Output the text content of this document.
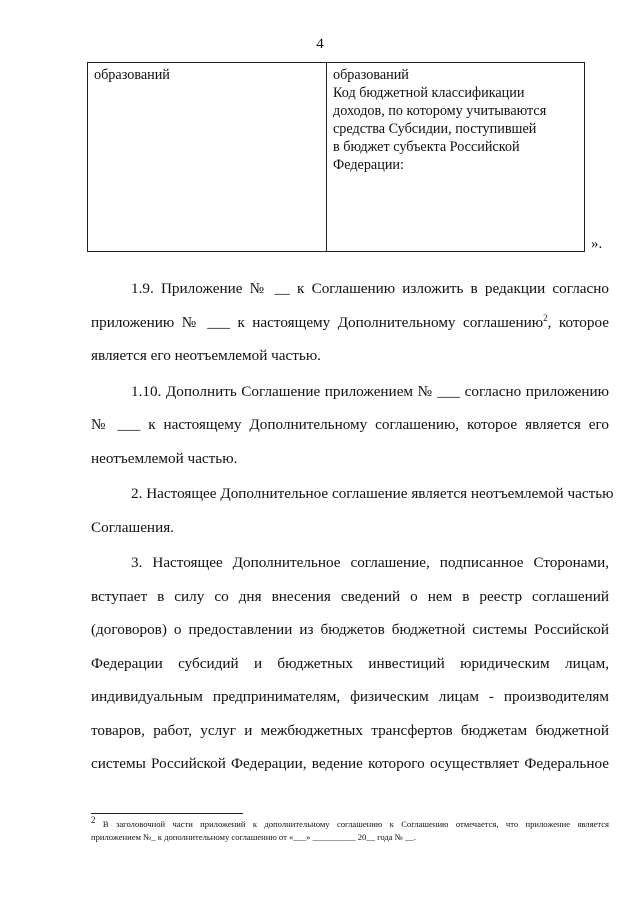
4
образований	образований
Код бюджетной классификации
доходов, по которому учитываются
средства Субсидии, поступившей
в бюджет субъекта Российской
Федерации:
».
1.9. Приложение № __ к Соглашению изложить в редакции согласно
приложению № ___ к настоящему Дополнительному соглашению$^2$, которое
является его неотъемлемой частью.
1.10. Дополнить Соглашение приложением № ___ согласно приложению
№ ___ к настоящему Дополнительному соглашению, которое является его
неотъемлемой частью.
2. Настоящее Дополнительное соглашение является неотъемлемой частью
Соглашения.
3. Настоящее Дополнительное соглашение, подписанное Сторонами,
вступает в силу со дня внесения сведений о нем в реестр соглашений
(договоров) о предоставлении из бюджетов бюджетной системы Российской
Федерации субсидий и бюджетных инвестиций юридическим лицам,
индивидуальным предпринимателям, физическим лицам - производителям
товаров, работ, услуг и межбюджетных трансфертов бюджетам бюджетной
системы Российской Федерации, ведение которого осуществляет Федеральное
$^2$ В заголовочной части приложений к дополнительному соглашению к Соглашению отмечается, что приложение является
приложением №_ к дополнительному соглашению от «___» __________ 20__ года № __.
